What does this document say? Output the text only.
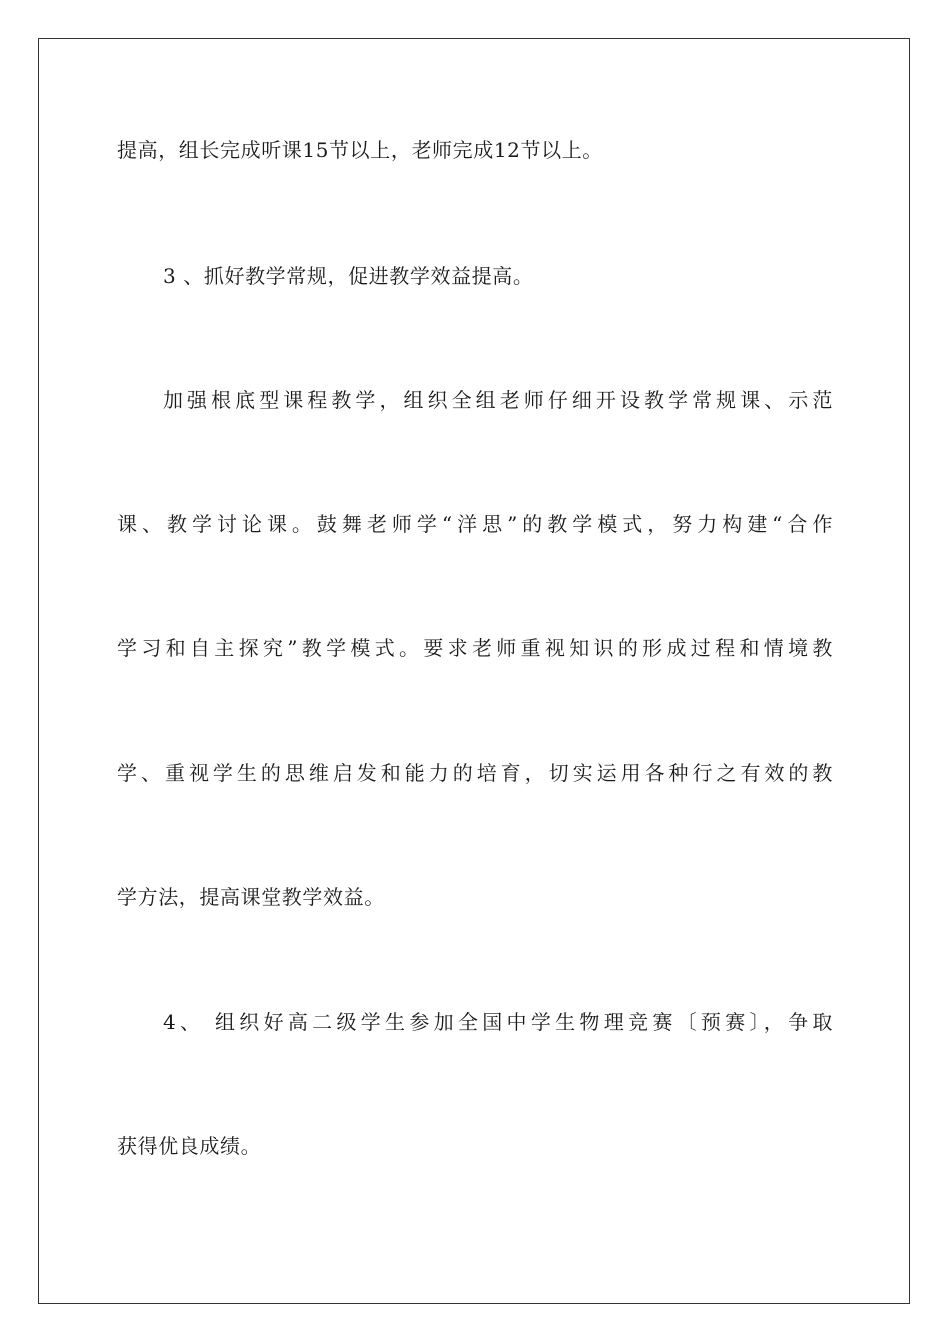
提高，组长完成听课15节以上，老师完成12节以上。
3 、抓好教学常规，促进教学效益提高。
加强根底型课程教学，组织全组老师仔细开设教学常规课、示范
课、教学讨论课。鼓舞老师学“洋思”的教学模式，努力构建“合作
学习和自主探究”教学模式。要求老师重视知识的形成过程和情境教
学、重视学生的思维启发和能力的培育，切实运用各种行之有效的教
学方法，提高课堂教学效益。
4、 组织好高二级学生参加全国中学生物理竞赛〔预赛〕，争取
获得优良成绩。
